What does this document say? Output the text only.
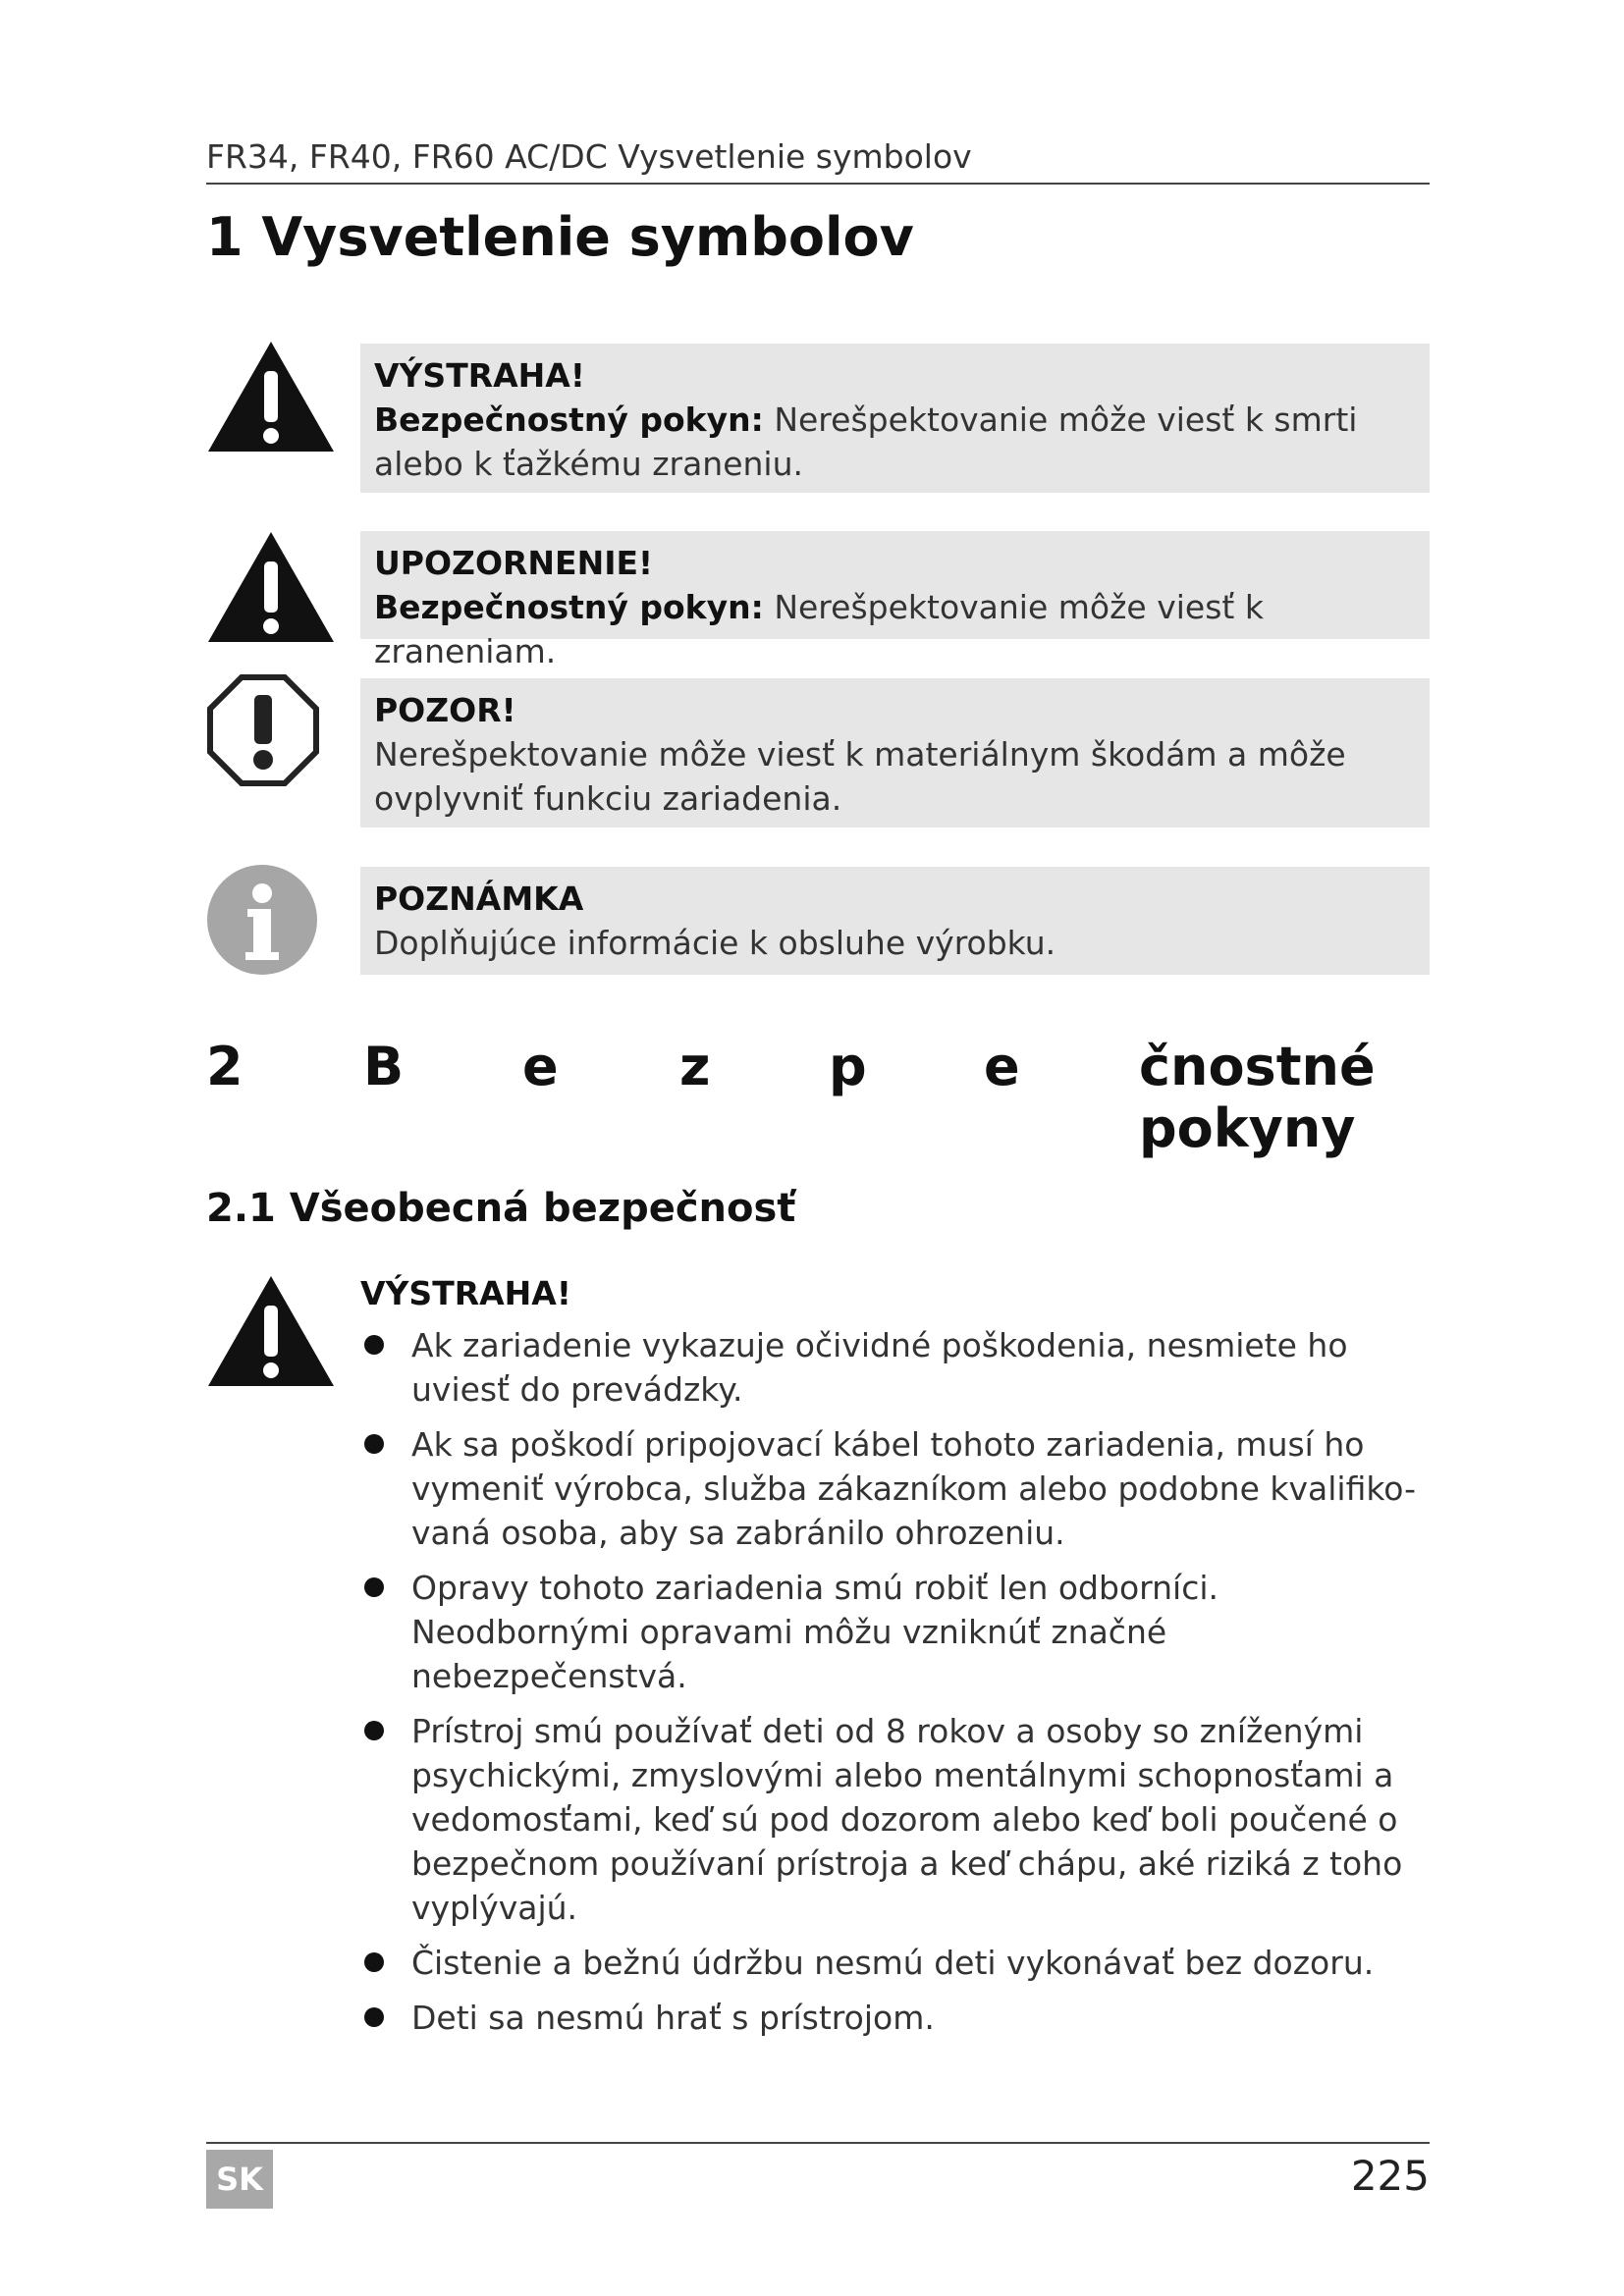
FR34, FR40, FR60 AC/DC Vysvetlenie symbolov
1 Vysvetlenie symbolov
VÝSTRAHA!
Bezpečnostný pokyn: Nerešpektovanie môže viesť k smrti alebo k ťažkému zraneniu.
UPOZORNENIE!
Bezpečnostný pokyn: Nerešpektovanie môže viesť k zraneniam.
POZOR!
Nerešpektovanie môže viesť k materiálnym škodám a môže ovplyvniť funkciu zariadenia.
POZNÁMKA
Doplňujúce informácie k obsluhe výrobku.
2 B e z p e čnostné pokyny
2.1 Všeobecná bezpečnosť
VÝSTRAHA!
Ak zariadenie vykazuje očividné poškodenia, nesmiete ho uviesť do prevádzky.
Ak sa poškodí pripojovací kábel tohoto zariadenia, musí ho vymeniť výrobca, služba zákazníkom alebo podobne kvalifiko-vaná osoba, aby sa zabránilo ohrozeniu.
Opravy tohoto zariadenia smú robiť len odborníci. Neodbornými opravami môžu vzniknúť značné nebezpečenstvá.
Prístroj smú používať deti od 8 rokov a osoby so zníženými psychickými, zmyslovými alebo mentálnymi schopnosťami a vedomosťami, keď sú pod dozorom alebo keď boli poučené o bezpečnom používaní prístroja a keď chápu, aké riziká z toho vyplývajú.
Čistenie a bežnú údržbu nesmú deti vykonávať bez dozoru.
Deti sa nesmú hrať s prístrojom.
SK	225
